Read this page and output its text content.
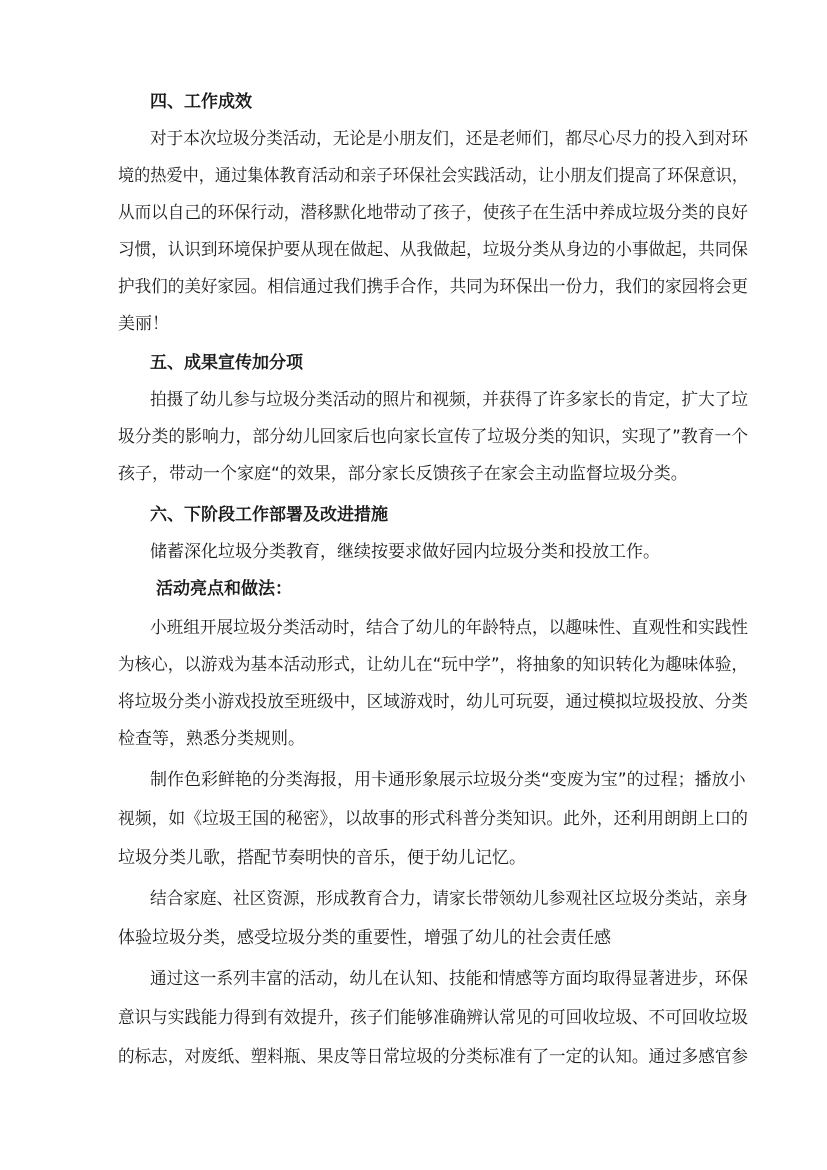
四、工作成效
对于本次垃圾分类活动，无论是小朋友们，还是老师们，都尽心尽力的投入到对环
境的热爱中，通过集体教育活动和亲子环保社会实践活动，让小朋友们提高了环保意识，
从而以自己的环保行动，潜移默化地带动了孩子，使孩子在生活中养成垃圾分类的良好
习惯，认识到环境保护要从现在做起、从我做起，垃圾分类从身边的小事做起，共同保
护我们的美好家园。相信通过我们携手合作，共同为环保出一份力，我们的家园将会更
美丽！
五、成果宣传加分项
拍摄了幼儿参与垃圾分类活动的照片和视频，并获得了许多家长的肯定，扩大了垃
圾分类的影响力，部分幼儿回家后也向家长宣传了垃圾分类的知识，实现了”教育一个
孩子，带动一个家庭“的效果，部分家长反馈孩子在家会主动监督垃圾分类。
六、下阶段工作部署及改进措施
储蓄深化垃圾分类教育，继续按要求做好园内垃圾分类和投放工作。
活动亮点和做法：
小班组开展垃圾分类活动时，结合了幼儿的年龄特点，以趣味性、直观性和实践性
为核心，以游戏为基本活动形式，让幼儿在“玩中学”，将抽象的知识转化为趣味体验，
将垃圾分类小游戏投放至班级中，区域游戏时，幼儿可玩耍，通过模拟垃圾投放、分类
检查等，熟悉分类规则。
制作色彩鲜艳的分类海报，用卡通形象展示垃圾分类“变废为宝”的过程；播放小
视频，如《垃圾王国的秘密》，以故事的形式科普分类知识。此外，还利用朗朗上口的
垃圾分类儿歌，搭配节奏明快的音乐，便于幼儿记忆。
结合家庭、社区资源，形成教育合力，请家长带领幼儿参观社区垃圾分类站，亲身
体验垃圾分类，感受垃圾分类的重要性，增强了幼儿的社会责任感
通过这一系列丰富的活动，幼儿在认知、技能和情感等方面均取得显著进步，环保
意识与实践能力得到有效提升，孩子们能够准确辨认常见的可回收垃圾、不可回收垃圾
的标志，对废纸、塑料瓶、果皮等日常垃圾的分类标准有了一定的认知。通过多感官参
